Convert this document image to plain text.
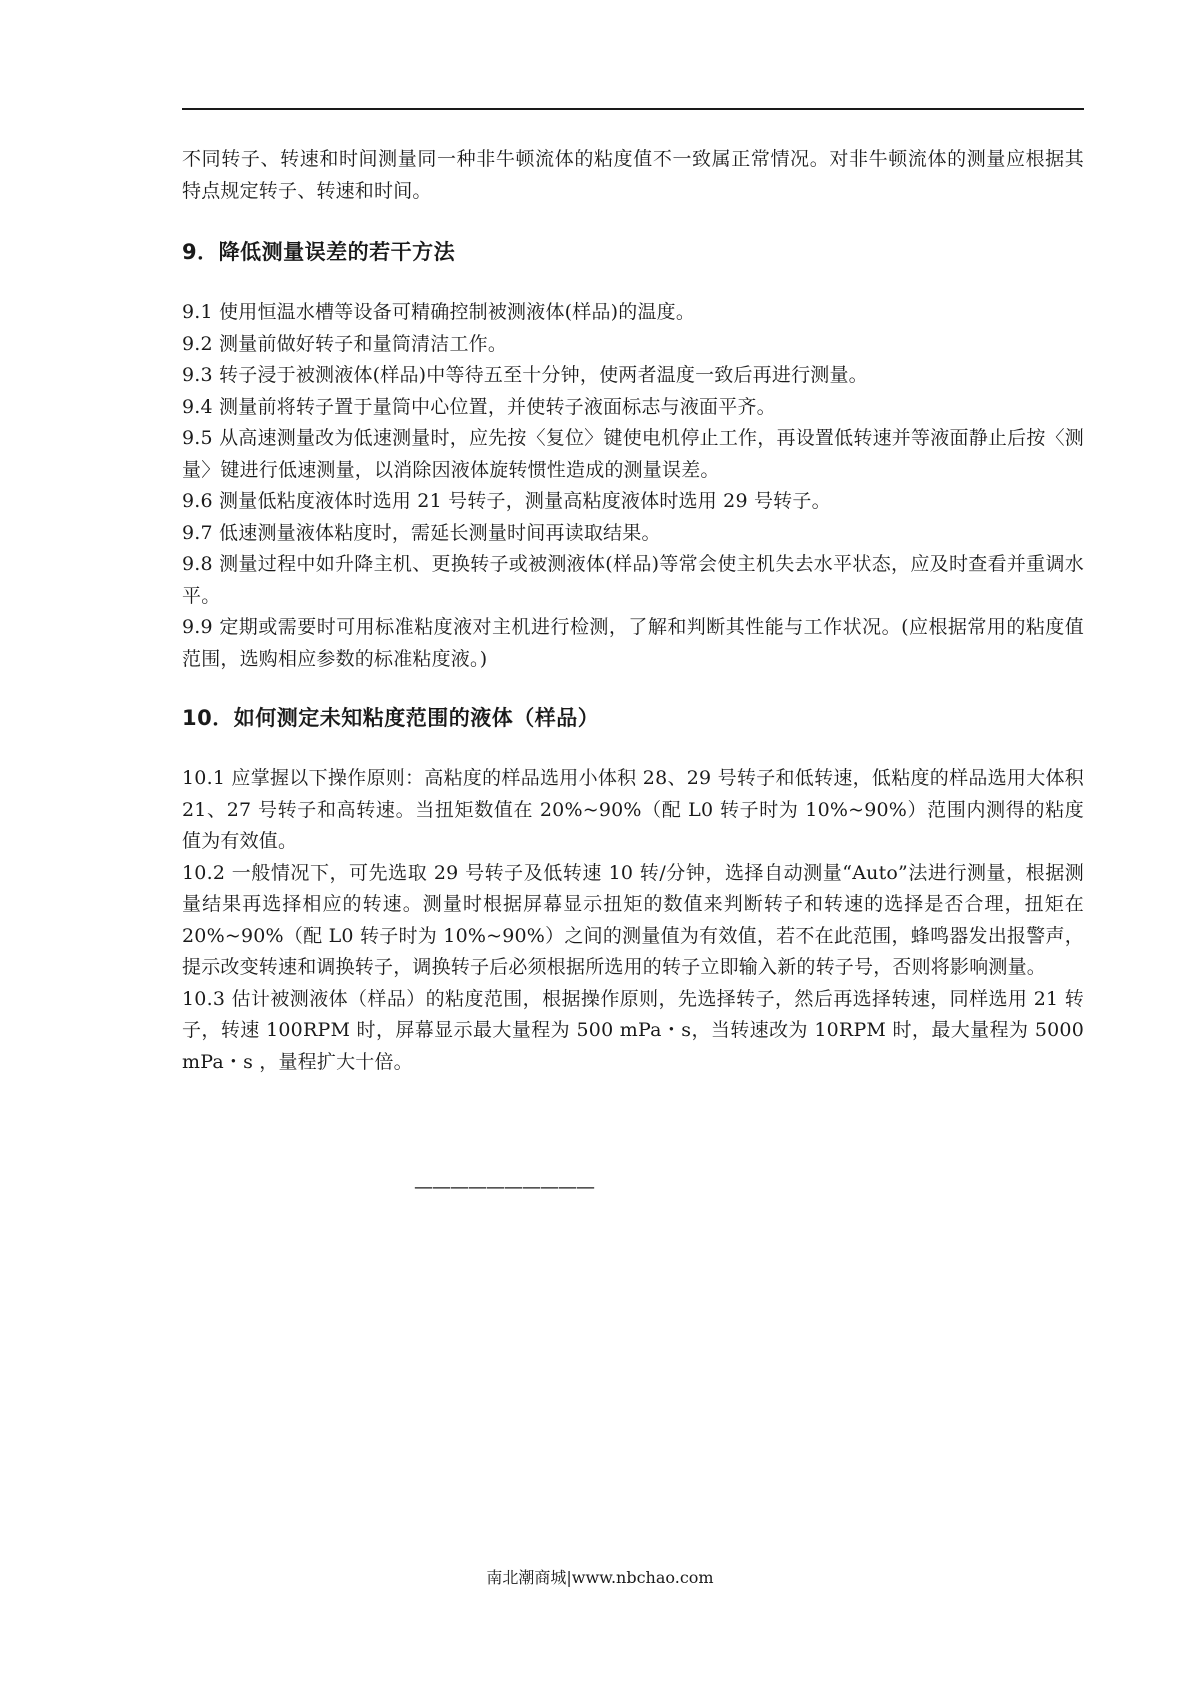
不同转子、转速和时间测量同一种非牛顿流体的粘度值不一致属正常情况。对非牛顿流体的测量应根据其特点规定转子、转速和时间。

9．降低测量误差的若干方法

9.1 使用恒温水槽等设备可精确控制被测液体(样品)的温度。

9.2 测量前做好转子和量筒清洁工作。

9.3 转子浸于被测液体(样品)中等待五至十分钟，使两者温度一致后再进行测量。

9.4 测量前将转子置于量筒中心位置，并使转子液面标志与液面平齐。

9.5 从高速测量改为低速测量时，应先按〈复位〉键使电机停止工作，再设置低转速并等液面静止后按〈测量〉键进行低速测量，以消除因液体旋转惯性造成的测量误差。

9.6 测量低粘度液体时选用 21 号转子，测量高粘度液体时选用 29 号转子。

9.7 低速测量液体粘度时，需延长测量时间再读取结果。

9.8 测量过程中如升降主机、更换转子或被测液体(样品)等常会使主机失去水平状态，应及时查看并重调水平。

9.9 定期或需要时可用标准粘度液对主机进行检测，了解和判断其性能与工作状况。(应根据常用的粘度值范围，选购相应参数的标准粘度液。)

10．如何测定未知粘度范围的液体（样品）

10.1 应掌握以下操作原则：高粘度的样品选用小体积 28、29 号转子和低转速，低粘度的样品选用大体积 21、27 号转子和高转速。当扭矩数值在 20%~90%（配 L0 转子时为 10%~90%）范围内测得的粘度值为有效值。

10.2 一般情况下，可先选取 29 号转子及低转速 10 转/分钟，选择自动测量“Auto”法进行测量，根据测量结果再选择相应的转速。测量时根据屏幕显示扭矩的数值来判断转子和转速的选择是否合理，扭矩在 20%~90%（配 L0 转子时为 10%~90%）之间的测量值为有效值，若不在此范围，蜂鸣器发出报警声，提示改变转速和调换转子，调换转子后必须根据所选用的转子立即输入新的转子号，否则将影响测量。

10.3 估计被测液体（样品）的粘度范围，根据操作原则，先选择转子，然后再选择转速，同样选用 21 转子，转速 100RPM 时，屏幕显示最大量程为 500 mPa・s，当转速改为 10RPM 时，最大量程为 5000 mPa・s ，量程扩大十倍。

——————————
南北潮商城|www.nbchao.com
